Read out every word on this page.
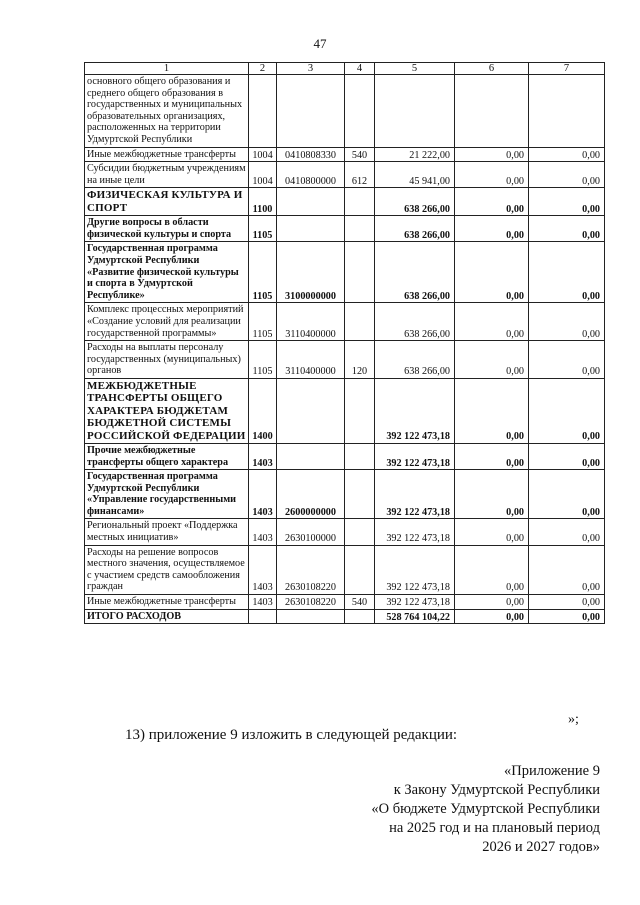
47
1	2	3	4	5	6	7
основного общего образования и среднего общего образования в государственных и муниципальных образовательных организациях, расположенных на территории Удмуртской Республики						
Иные межбюджетные трансферты	1004	0410808330	540	21 222,00	0,00	0,00
Субсидии бюджетным учреждениям на иные цели	1004	0410800000	612	45 941,00	0,00	0,00
ФИЗИЧЕСКАЯ КУЛЬТУРА И СПОРТ	1100			638 266,00	0,00	0,00
Другие вопросы в области физической культуры и спорта	1105			638 266,00	0,00	0,00
Государственная программа Удмуртской Республики «Развитие физической культуры и спорта в Удмуртской Республике»	1105	3100000000		638 266,00	0,00	0,00
Комплекс процессных мероприятий «Создание условий для реализации государственной программы»	1105	3110400000		638 266,00	0,00	0,00
Расходы на выплаты персоналу государственных (муниципальных) органов	1105	3110400000	120	638 266,00	0,00	0,00
МЕЖБЮДЖЕТНЫЕ ТРАНСФЕРТЫ ОБЩЕГО ХАРАКТЕРА БЮДЖЕТАМ БЮДЖЕТНОЙ СИСТЕМЫ РОССИЙСКОЙ ФЕДЕРАЦИИ	1400			392 122 473,18	0,00	0,00
Прочие межбюджетные трансферты общего характера	1403			392 122 473,18	0,00	0,00
Государственная программа Удмуртской Республики «Управление государственными финансами»	1403	2600000000		392 122 473,18	0,00	0,00
Региональный проект «Поддержка местных инициатив»	1403	2630100000		392 122 473,18	0,00	0,00
Расходы на решение вопросов местного значения, осуществляемое с участием средств самообложения граждан	1403	2630108220		392 122 473,18	0,00	0,00
Иные межбюджетные трансферты	1403	2630108220	540	392 122 473,18	0,00	0,00
ИТОГО РАСХОДОВ				528 764 104,22	0,00	0,00
»;
13) приложение 9 изложить в следующей редакции:
«Приложение 9
к Закону Удмуртской Республики
«О бюджете Удмуртской Республики
на 2025 год и на плановый период
2026 и 2027 годов»
